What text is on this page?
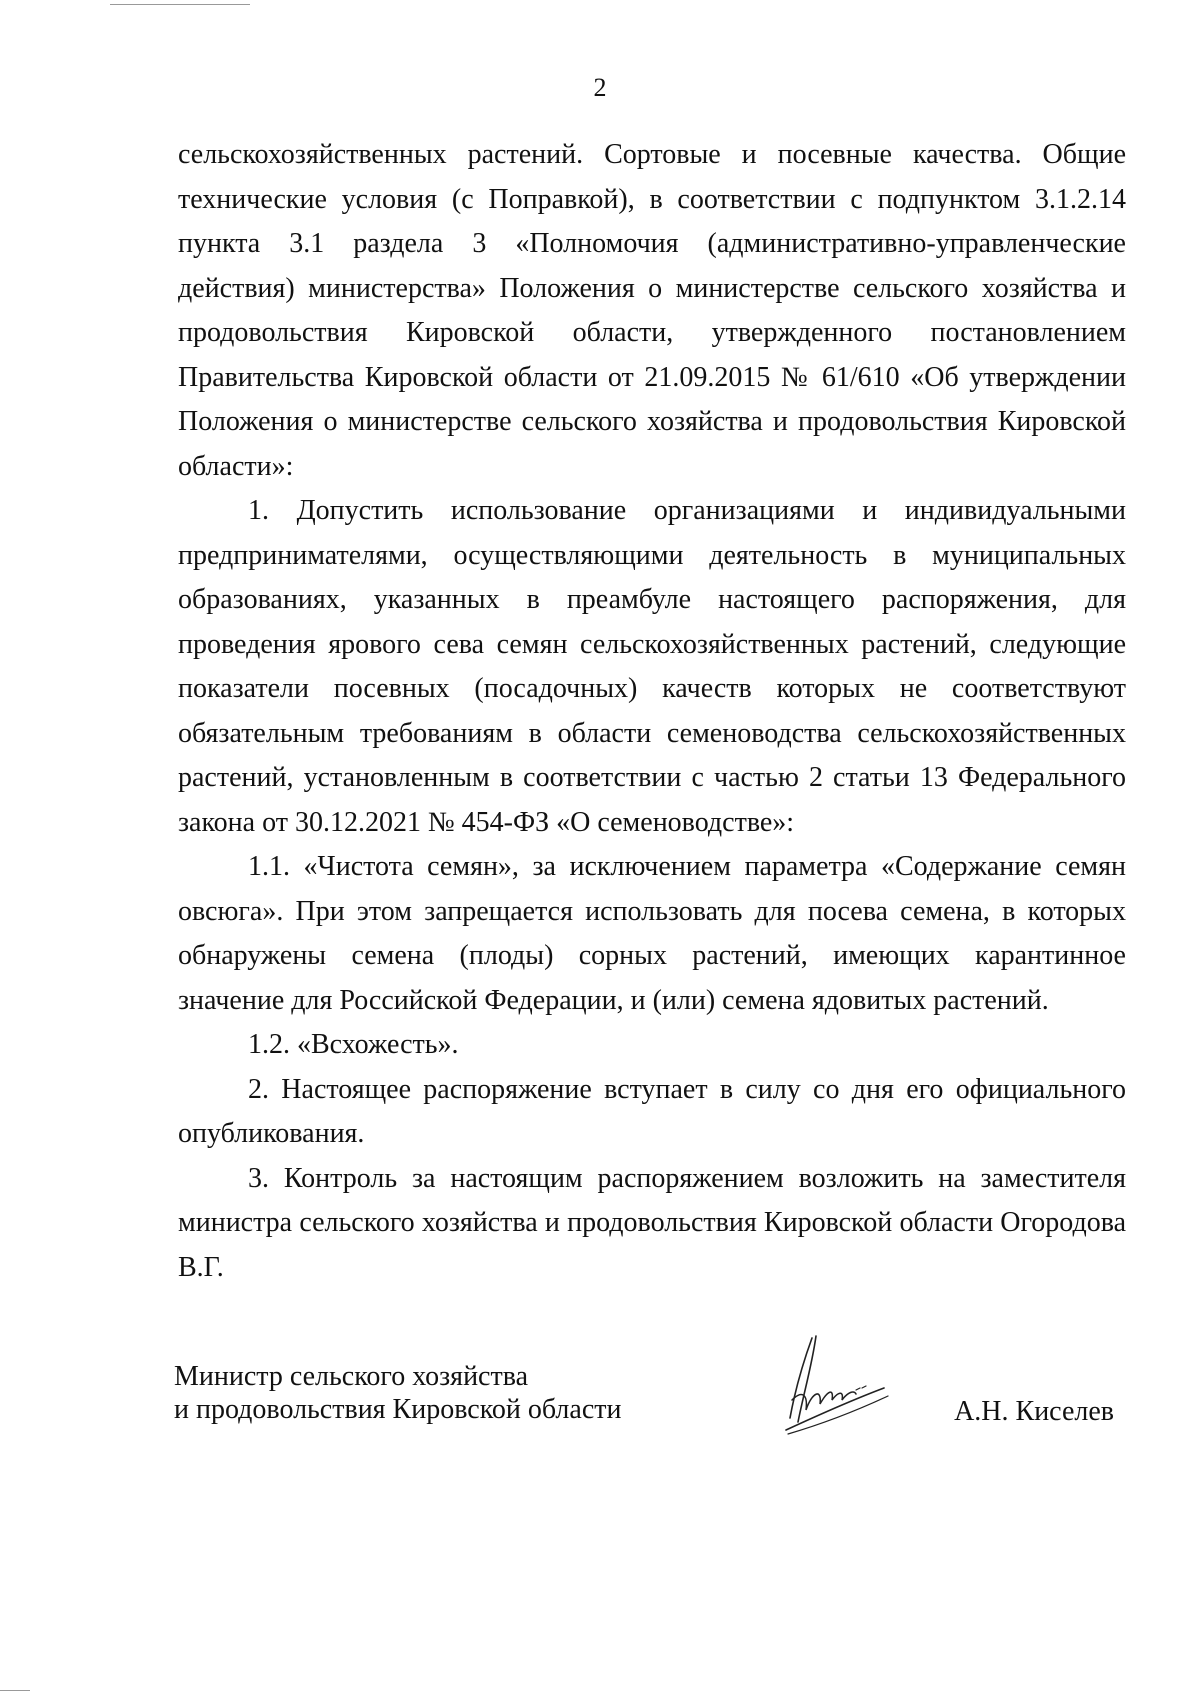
2

сельскохозяйственных растений. Сортовые и посевные качества. Общие технические условия (с Поправкой), в соответствии с подпунктом 3.1.2.14 пункта 3.1 раздела 3 «Полномочия (административно-управленческие действия) министерства» Положения о министерстве сельского хозяйства и продовольствия Кировской области, утвержденного постановлением Правительства Кировской области от 21.09.2015 № 61/610 «Об утверждении Положения о министерстве сельского хозяйства и продовольствия Кировской области»:

1. Допустить использование организациями и индивидуальными предпринимателями, осуществляющими деятельность в муниципальных образованиях, указанных в преамбуле настоящего распоряжения, для проведения ярового сева семян сельскохозяйственных растений, следующие показатели посевных (посадочных) качеств которых не соответствуют обязательным требованиям в области семеноводства сельскохозяйственных растений, установленным в соответствии с частью 2 статьи 13 Федерального закона от 30.12.2021 № 454-ФЗ «О семеноводстве»:

1.1. «Чистота семян», за исключением параметра «Содержание семян овсюга». При этом запрещается использовать для посева семена, в которых обнаружены семена (плоды) сорных растений, имеющих карантинное значение для Российской Федерации, и (или) семена ядовитых растений.

1.2. «Всхожесть».

2. Настоящее распоряжение вступает в силу со дня его официального опубликования.

3. Контроль за настоящим распоряжением возложить на заместителя министра сельского хозяйства и продовольствия Кировской области Огородова В.Г.

Министр сельского хозяйства
и продовольствия Кировской области	А.Н. Киселев
